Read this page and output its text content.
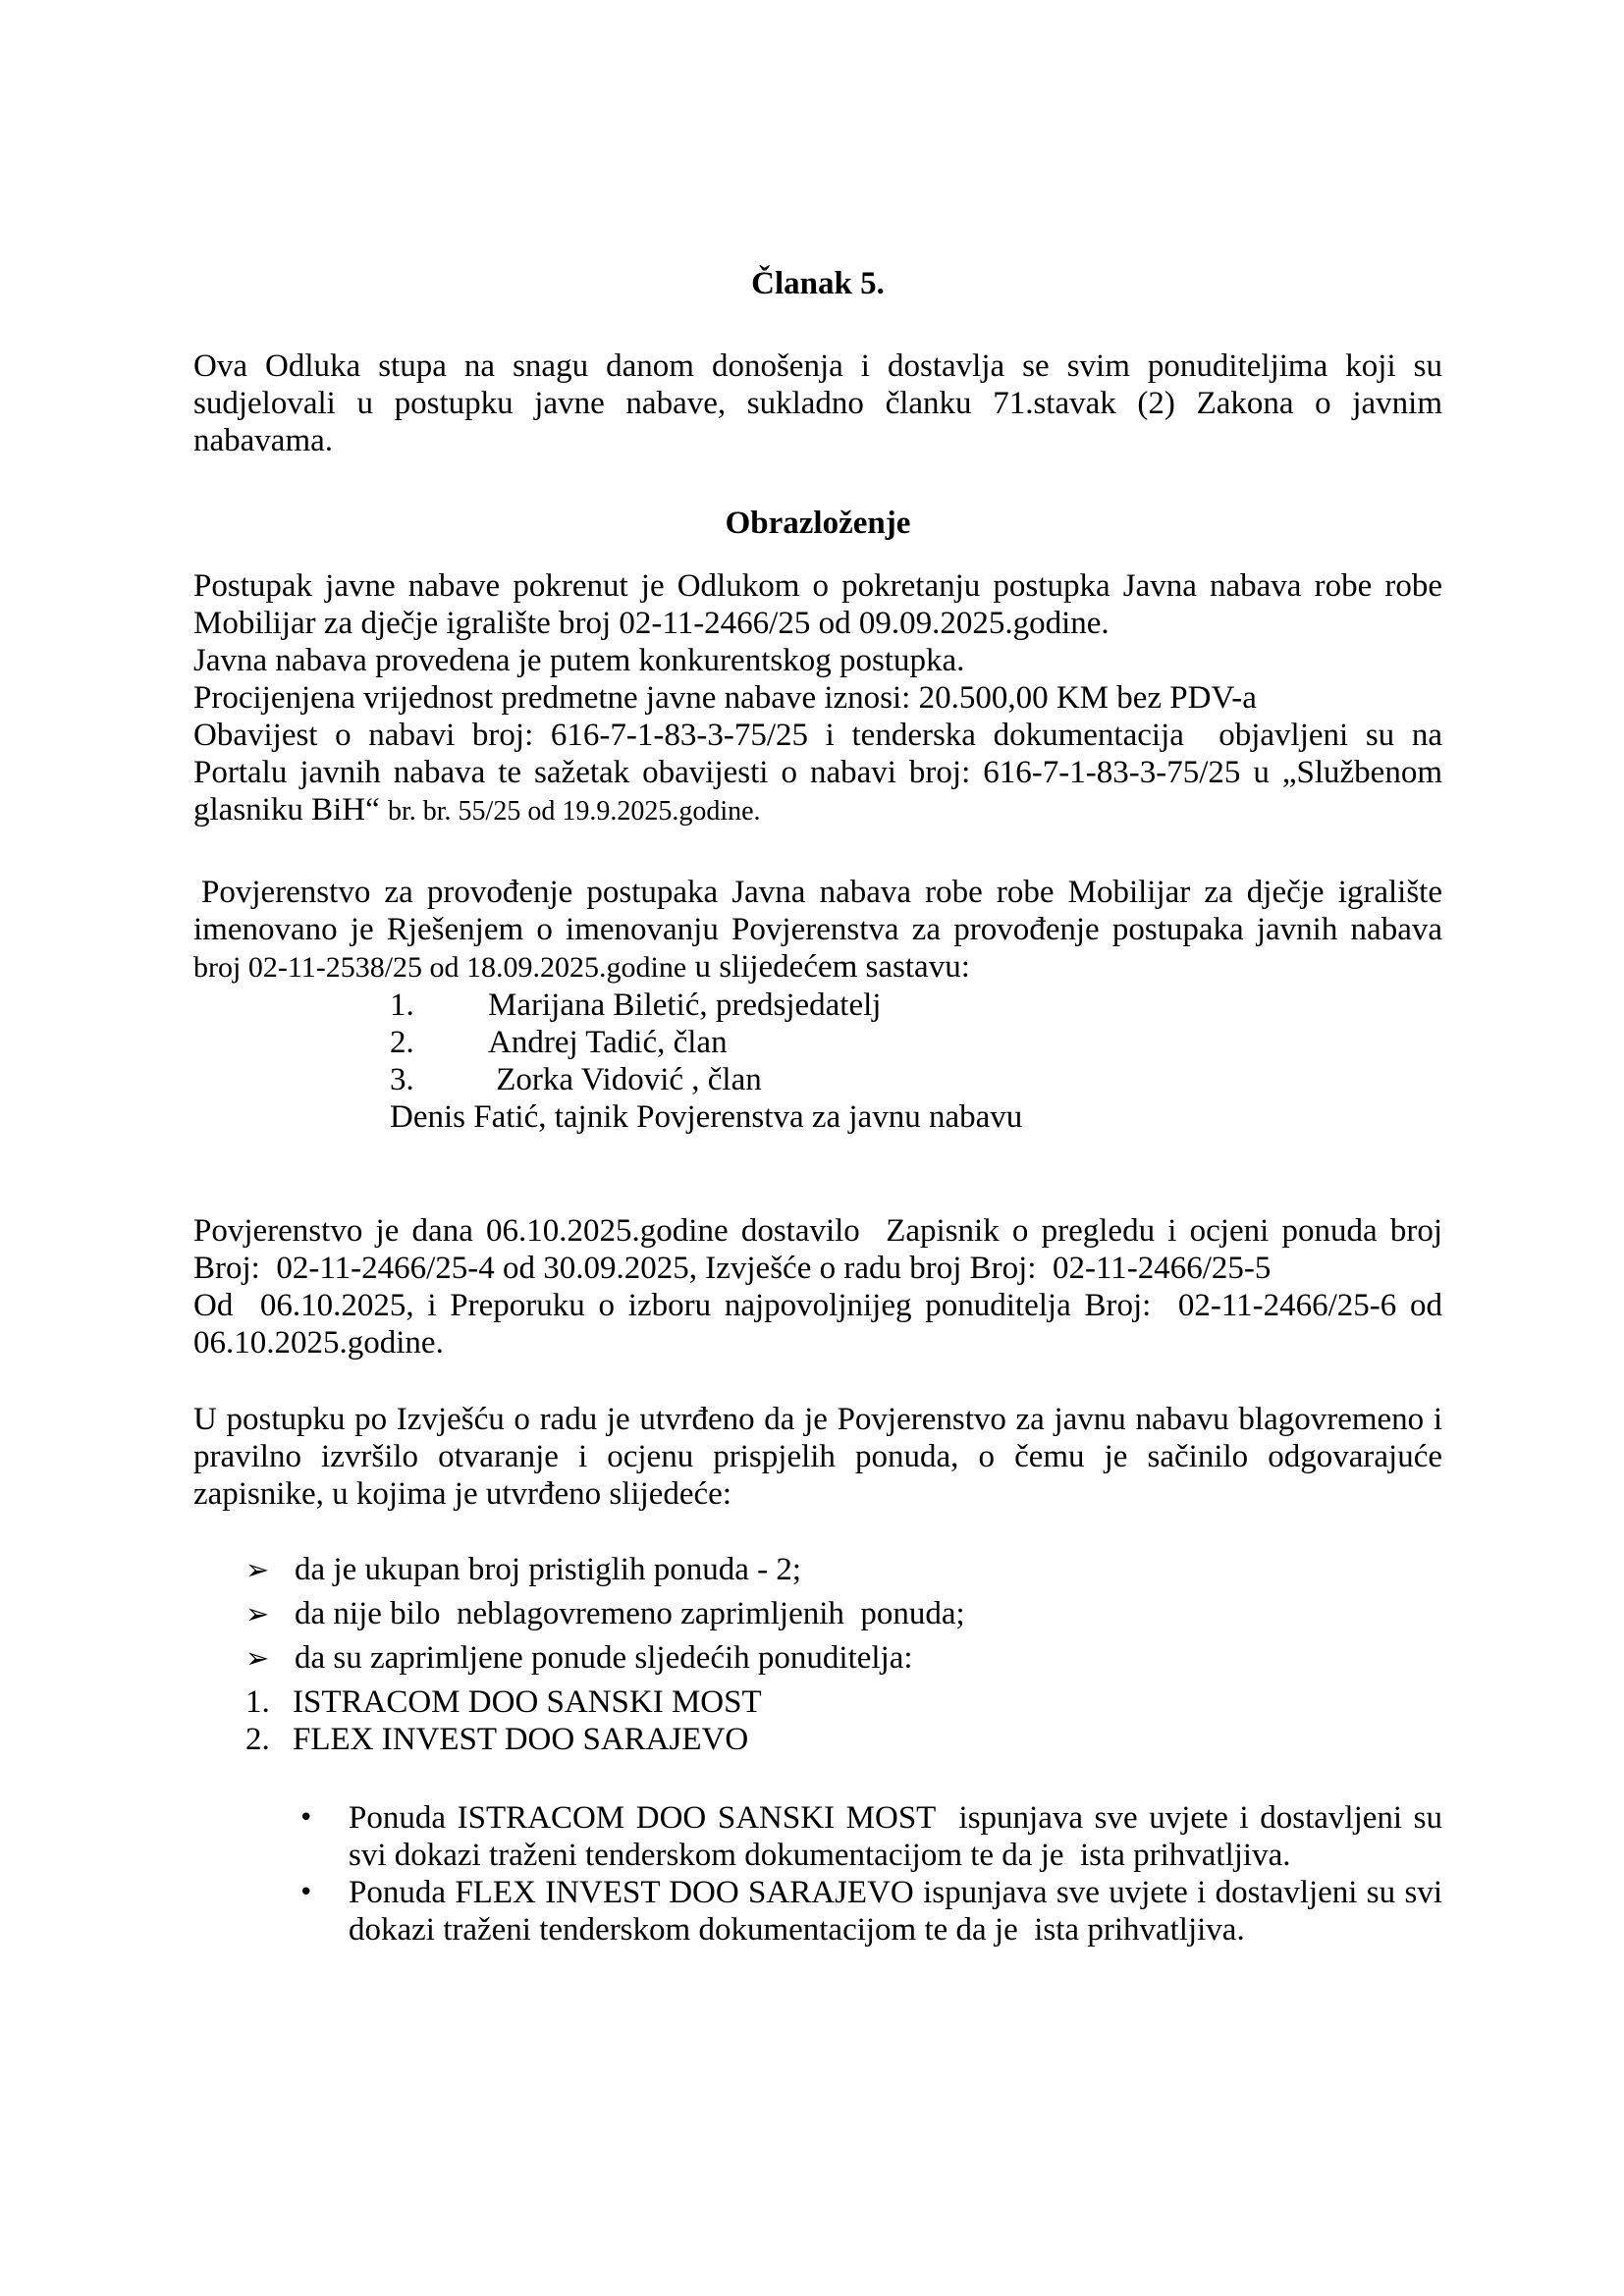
Članak 5.

Ova Odluka stupa na snagu danom donošenja i dostavlja se svim ponuditeljima koji su sudjelovali u postupku javne nabave, sukladno članku 71.stavak (2) Zakona o javnim nabavama.

Obrazloženje

Postupak javne nabave pokrenut je Odlukom o pokretanju postupka Javna nabava robe robe Mobilijar za dječje igralište broj 02-11-2466/25 od 09.09.2025.godine.

Javna nabava provedena je putem konkurentskog postupka.

Procijenjena vrijednost predmetne javne nabave iznosi: 20.500,00 KM bez PDV-a

Obavijest o nabavi broj: 616-7-1-83-3-75/25 i tenderska dokumentacija  objavljeni su na Portalu javnih nabava te sažetak obavijesti o nabavi broj: 616-7-1-83-3-75/25 u „Službenom glasniku BiH“ br. br. 55/25 od 19.9.2025.godine.

Povjerenstvo za provođenje postupaka Javna nabava robe robe Mobilijar za dječje igralište imenovano je Rješenjem o imenovanju Povjerenstva za provođenje postupaka javnih nabava broj 02-11-2538/25 od 18.09.2025.godine u slijedećem sastavu:

1.	Marijana Biletić, predsjedatelj
2.	Andrej Tadić, član
3.	Zorka Vidović , član
Denis Fatić, tajnik Povjerenstva za javnu nabavu

Povjerenstvo je dana 06.10.2025.godine dostavilo  Zapisnik o pregledu i ocjeni ponuda broj Broj:  02-11-2466/25-4 od 30.09.2025, Izvješće o radu broj Broj:  02-11-2466/25-5
Od  06.10.2025, i Preporuku o izboru najpovoljnijeg ponuditelja Broj:  02-11-2466/25-6 od 06.10.2025.godine.

U postupku po Izvješću o radu je utvrđeno da je Povjerenstvo za javnu nabavu blagovremeno i pravilno izvršilo otvaranje i ocjenu prispjelih ponuda, o čemu je sačinilo odgovarajuće zapisnike, u kojima je utvrđeno slijedeće:

➢ da je ukupan broj pristiglih ponuda - 2;
➢ da nije bilo  neblagovremeno zaprimljenih  ponuda;
➢ da su zaprimljene ponude sljedećih ponuditelja:
1. ISTRACOM DOO SANSKI MOST
2. FLEX INVEST DOO SARAJEVO
•	Ponuda ISTRACOM DOO SANSKI MOST  ispunjava sve uvjete i dostavljeni su svi dokazi traženi tenderskom dokumentacijom te da je  ista prihvatljiva.
•	Ponuda FLEX INVEST DOO SARAJEVO ispunjava sve uvjete i dostavljeni su svi dokazi traženi tenderskom dokumentacijom te da je  ista prihvatljiva.
